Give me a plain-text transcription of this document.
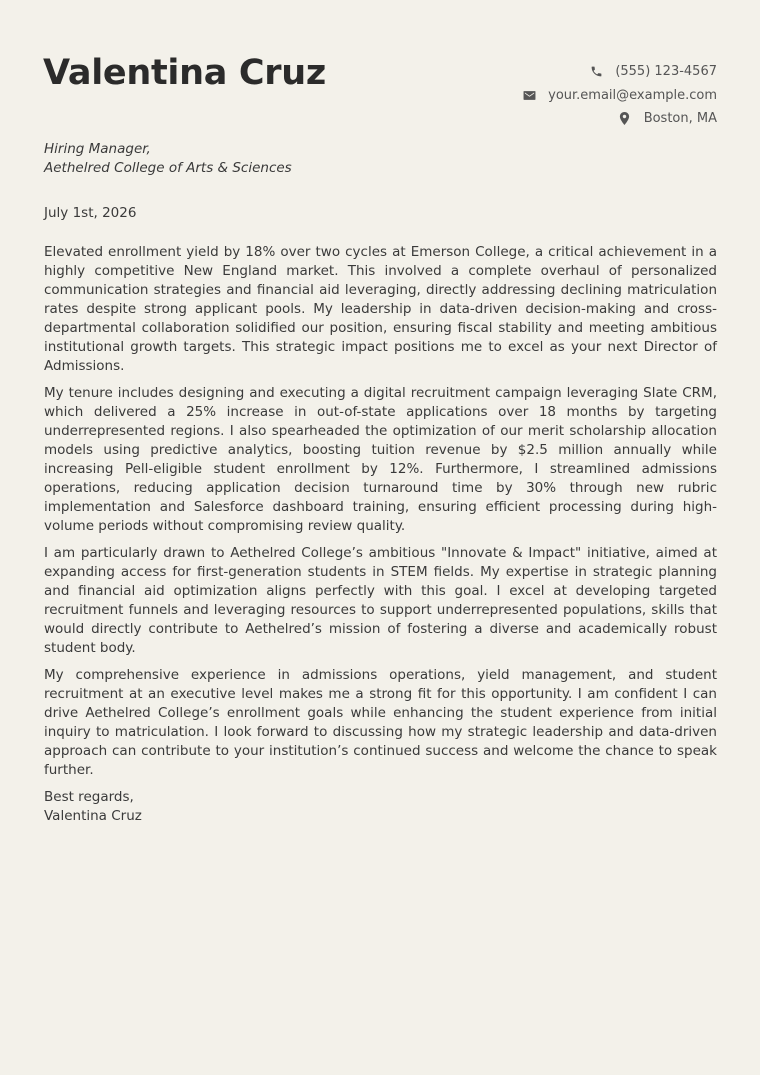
Valentina Cruz	(555) 123-4567
your.email@example.com
Boston, MA
Hiring Manager,
Aethelred College of Arts & Sciences
July 1st, 2026

Elevated enrollment yield by 18% over two cycles at Emerson College, a critical achievement in a highly competitive New England market. This involved a complete overhaul of personalized communication strategies and financial aid leveraging, directly addressing declining matriculation rates despite strong applicant pools. My leadership in data-driven decision-making and cross-departmental collaboration solidified our position, ensuring fiscal stability and meeting ambitious institutional growth targets. This strategic impact positions me to excel as your next Director of Admissions.

My tenure includes designing and executing a digital recruitment campaign leveraging Slate CRM, which delivered a 25% increase in out-of-state applications over 18 months by targeting underrepresented regions. I also spearheaded the optimization of our merit scholarship allocation models using predictive analytics, boosting tuition revenue by $2.5 million annually while increasing Pell-eligible student enrollment by 12%. Furthermore, I streamlined admissions operations, reducing application decision turnaround time by 30% through new rubric implementation and Salesforce dashboard training, ensuring efficient processing during high-volume periods without compromising review quality.

I am particularly drawn to Aethelred College’s ambitious "Innovate & Impact" initiative, aimed at expanding access for first-generation students in STEM fields. My expertise in strategic planning and financial aid optimization aligns perfectly with this goal. I excel at developing targeted recruitment funnels and leveraging resources to support underrepresented populations, skills that would directly contribute to Aethelred’s mission of fostering a diverse and academically robust student body.

My comprehensive experience in admissions operations, yield management, and student recruitment at an executive level makes me a strong fit for this opportunity. I am confident I can drive Aethelred College’s enrollment goals while enhancing the student experience from initial inquiry to matriculation. I look forward to discussing how my strategic leadership and data-driven approach can contribute to your institution’s continued success and welcome the chance to speak further.

Best regards,
Valentina Cruz
